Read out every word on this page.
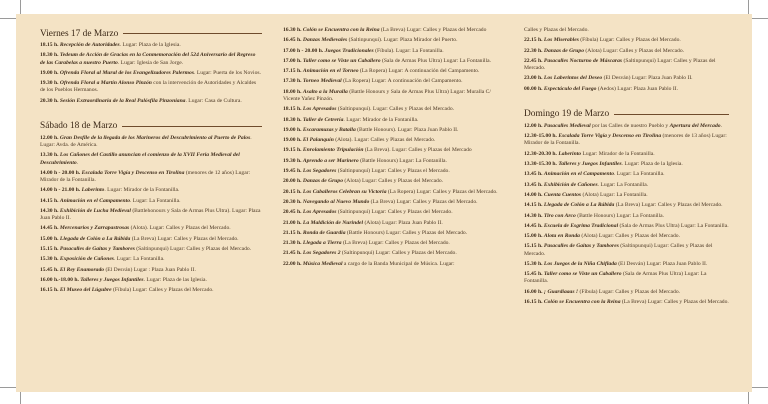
Viernes 17 de Marzo
18.15 h. Recepción de Autoridades. Lugar: Plaza de la Iglesia.
18.30 h. Tedeum de Acción de Gracias en la Conmemoración del 524 Aniversario del Regreso de las Carabelas a nuestro Puerto. Lugar: Iglesia de San Jorge.
19.00 h. Ofrenda Floral al Mural de los Evangelizadores Palermos. Lugar: Puerta de los Novios.
19.30 h. Ofrenda Floral a Martín Alonso Pinzón con la intervención de Autoridades y Alcaldes de los Pueblos Hermanos.
20.30 h. Sesión Extraordinaria de la Real Palósfila Pinzoniana. Lugar: Casa de Cultura.
Sábado 18 de Marzo
12.00 h. Gran Desfile de la llegada de los Marineros del Descubrimiento al Puerto de Palos. Lugar: Avda. de América.
13.30 h. Los Cañones del Castillo anuncian el comienzo de la XVII Feria Medieval del Descubrimiento.
14.00 h - 20.00 h. Escalada Torre Vigía y Descenso en Tirolina (menores de 12 años) Lugar: Mirador de la Fontanilla.
14.00 h - 21.00 h. Laberinto. Lugar: Mirador de la Fontanilla.
14.15 h. Animación en el Campamento. Lugar: La Fontanilla.
14.30 h. Exhibición de Lucha Medieval (Battlehonours y Sala de Armas Plus Ultra). Lugar: Plaza Juan Pablo II.
14.45 h. Mercenarios y Zarrapastrosas (Alota). Lugar: Calles y Plazas del Mercado.
15.00 h. Llegada de Colón a La Rábida (La Breva) Lugar: Calles y Plazas del Mercado.
15.15 h. Pasacalles de Gaitas y Tambores (Saltinpunqui) Lugar: Calles y Plazas del Mercado.
15.30 h. Exposición de Cañones. Lugar: La Fontanilla.
15.45 h. El Rey Enamorado (El Desván) Lugar : Plaza Juan Pablo II.
16.00 h.-18.00 h. Talleres y Juegos Infantiles. Lugar: Plaza de las Iglesia.
16.15 h. El Museo del Lúgubre (Fíbula) Lugar: Calles y Plazas del Mercado.
16.30 h. Colón se Encuentra con la Reina (La Breva) Lugar: Calles y Plazas del Mercado
16.45 h. Danzas Medievales (Saltinpunqui). Lugar: Plaza Mirador del Puerto.
17.00 h - 20.00 h. Juegos Tradicionales (Fíbula). Lugar: La Fontanilla.
17.00 h. Taller como se Viste un Caballero (Sala de Armas Plus Ultra) Lugar: La Fontanilla.
17.15 h. Animación en el Torneo (La Ropera) Lugar: A continuación del Campamento.
17.30 h. Torneo Medieval (La Ropera) Lugar: A continuación del Campamento.
18.00 h. Asalto a la Muralla (Battle Honours y Sala de Armas Plus Ultra) Lugar: Muralla C/ Vicente Yañez Pinzón.
18.15 h. Los Apresados (Saltinpunqui). Lugar: Calles y Plazas del Mercado.
18.30 h. Taller de Cetrería. Lugar: Mirador de la Fontanilla.
19.00 h. Escaramuzas y Batalla (Battle Honours). Lugar: Plaza Juan Pablo II.
19.00 h. El Palanquín (Alota). Lugar: Calles y Plazas del Mercado.
19.15 h. Enrolamiento Tripulación (La Breva). Lugar: Calles y Plazas del Mercado
19.30 h. Aprendo a ser Marinero (Battle Honours) Lugar: La Fontanilla.
19.45 h. Los Segadores (Saltinpunqui) Lugar: Calles y Plazas el Mercado.
20.00 h. Danzas de Grupo (Alota) Lugar: Calles y Plazas del Mercado.
20.15 h. Los Caballeros Celebran su Victoria (La Ropera) Lugar: Calles y Plazas del Mercado.
20.30 h. Navegando al Nuevo Mundo (La Breva) Lugar: Calles y Plazas del Mercado.
20.45 h. Los Apresados (Saltinpunqui) Lugar: Calles y Plazas del Mercado.
21.00 h. La Maldición de Nurindel (Alota) Lugar: Plaza Juan Pablo II.
21.15 h. Ronda de Guardia (Battle Honours) Lugar: Calles y Plazas del Mercado.
21.30 h. Llegada a Tierra (La Breva) Lugar: Calles y Plazas del Mercado.
21.45 h. Los Segadores 2 (Saltinpunqui) Lugar: Calles y Plazas del Mercado.
22.00 h. Música Medieval a cargo de la Banda Municipal de Música. Lugar:
Calles y Plazas del Mercado.
22.15 h. Los Miserables (Fíbula) Lugar: Calles y Plazas del Mercado.
22.30 h. Danzas de Grupo (Alota) Lugar: Calles y Plazas del Mercado.
22.45 h. Pasacalles Nocturno de Máscaras (Saltinpunqui) Lugar: Calles y Plazas del Mercado.
23.00 h. Los Laberintos del Deseo (El Desván) Lugar: Plaza Juan Pablo II.
00.00 h. Espectáculo del Fuego (Aedos) Lugar: Plaza Juan Pablo II.
Domingo 19 de Marzo
12.00 h. Pasacalles Medieval por las Calles de nuestro Pueblo y Apertura del Mercado.
12.30-15.00 h. Escalada Torre Vigía y Descenso en Tirolina (menores de 13 años) Lugar: Mirador de la Fontanilla.
12.30-20.30 h. Laberinto Lugar: Mirador de la Fontanilla.
13.30-15.30 h. Talleres y Juegos Infantiles. Lugar: Plaza de la Iglesia.
13.45 h. Animación en el Campamento. Lugar: La Fontanilla.
13.45 h. Exhibición de Cañones. Lugar: La Fontanilla.
14.00 h. Cuenta Cuentos (Alota) Lugar: La Fontanilla.
14.15 h. Llegada de Colón a La Rábida (La Breva) Lugar: Calles y Plazas del Mercado.
14.30 h. Tiro con Arco (Battle Honours) Lugar: La Fontanilla.
14.45 h. Escuela de Esgrima Tradicional (Sala de Armas Plus Ultra) Lugar: La Fontanilla.
15.00 h. Alota en Ronda (Alota) Lugar: Calles y Plazas del Mercado.
15.15 h. Pasacalles de Gaitas y Tambores (Saltinpunqui) Lugar: Calles y Plazas del Mercado.
15.30 h. Los Juegos de la Niña Chiflada (El Desván) Lugar: Plaza Juan Pablo II.
15.45 h. Taller como se Viste un Caballero (Sala de Armas Plus Ultra) Lugar: La Fontanilla.
16.00 h. ¡ Guardiaaas ! (Fíbula) Lugar: Calles y Plazas del Mercado.
16.15 h. Colón se Encuentra con la Reina (La Breva) Lugar: Calles y Plazas del Mercado.
